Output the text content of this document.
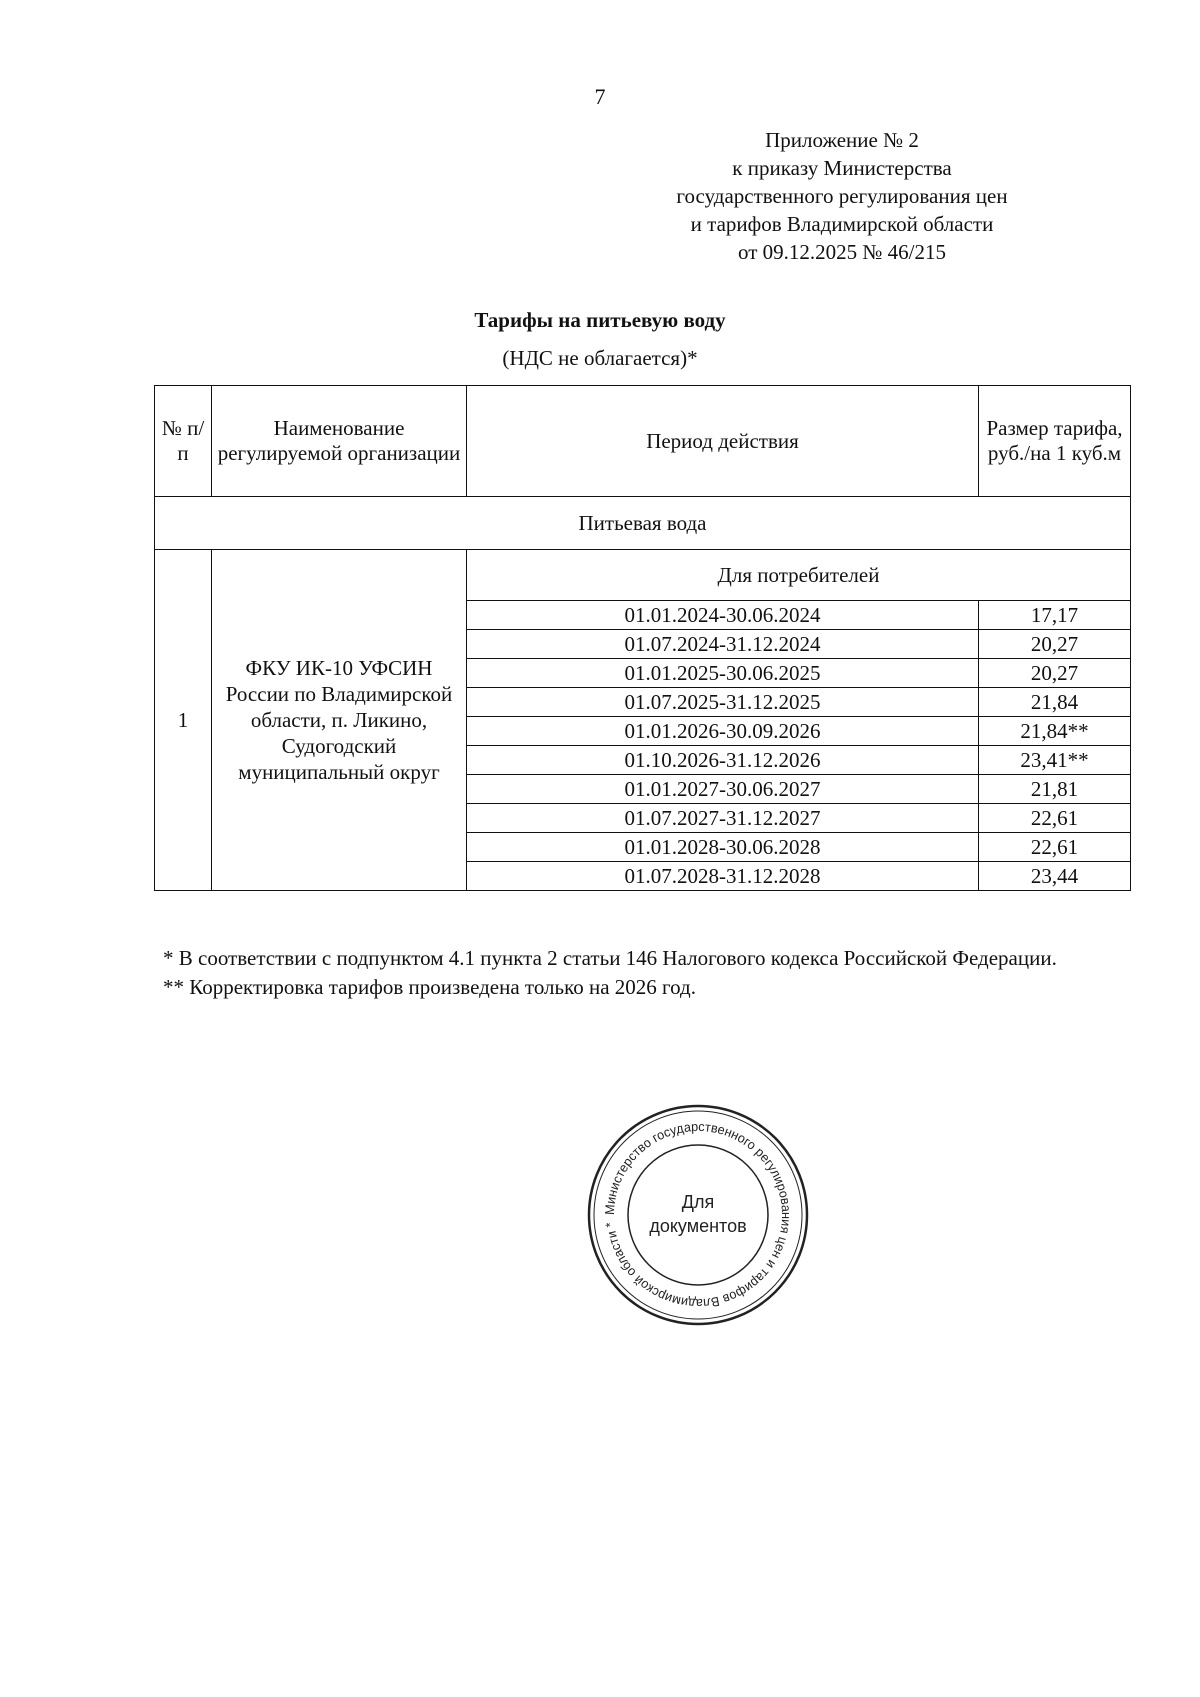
7
Приложение № 2
к приказу Министерства
государственного регулирования цен
и тарифов Владимирской области
от 09.12.2025 № 46/215
Тарифы на питьевую воду
(НДС не облагается)*
№ п/п	Наименование регулируемой организации	Период действия	Размер тарифа, руб./на 1 куб.м
Питьевая вода			
1	ФКУ ИК-10 УФСИН России по Владимирской области, п. Ликино, Судогодский муниципальный округ	Для потребителей	
		01.01.2024-30.06.2024	17,17
		01.07.2024-31.12.2024	20,27
		01.01.2025-30.06.2025	20,27
		01.07.2025-31.12.2025	21,84
		01.01.2026-30.09.2026	21,84**
		01.10.2026-31.12.2026	23,41**
		01.01.2027-30.06.2027	21,81
		01.07.2027-31.12.2027	22,61
		01.01.2028-30.06.2028	22,61
		01.07.2028-31.12.2028	23,44
* В соответствии с подпунктом 4.1 пункта 2 статьи 146 Налогового кодекса Российской Федерации.
** Корректировка тарифов произведена только на 2026 год.
Министерство государственного регулирования цен и тарифов Владимирской области *
Для
документов
